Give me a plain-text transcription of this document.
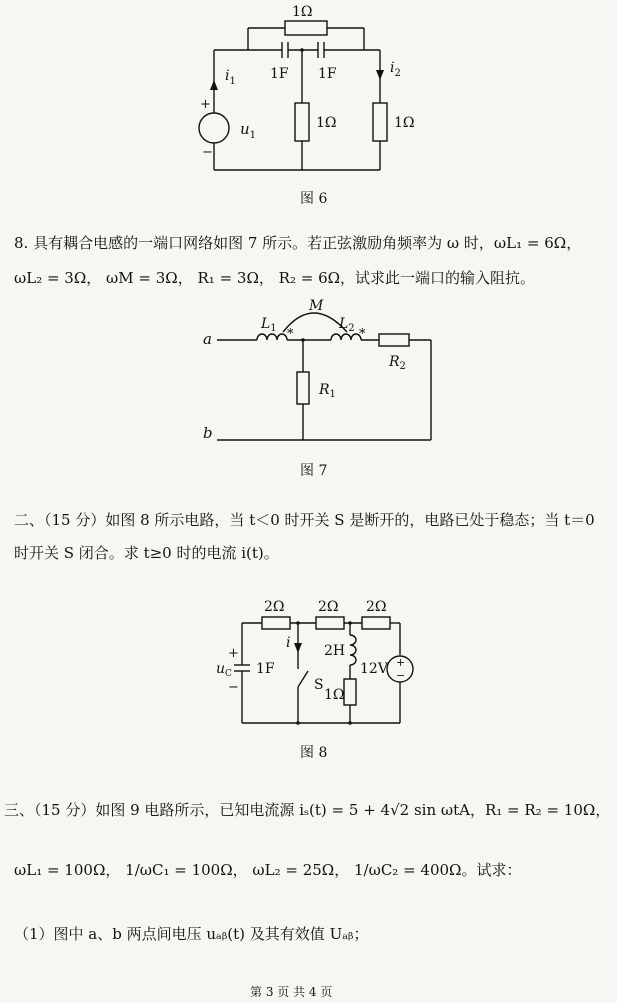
1Ω
1F 1F
$i_1$
$i_2$
+
−
$u_1$
1Ω	1Ω
图 6
8. 具有耦合电感的一端口网络如图 7 所示。若正弦激励角频率为 ω 时，ωL₁ = 6Ω，
ωL₂ = 3Ω， ωM = 3Ω， R₁ = 3Ω， R₂ = 6Ω，试求此一端口的输入阻抗。
a
b
$L_1$	$L_2$
M
*	*
$R_1$
$R_2$
图 7
二、（15 分）如图 8 所示电路，当 t＜0 时开关 S 是断开的，电路已处于稳态；当 t＝0
时开关 S 闭合。求 t≥0 时的电流 i(t)。
2Ω 2Ω 2Ω
i
+
−
$u_C$ 1F
S
2H
1Ω
12V +
−
图 8
三、（15 分）如图 9 电路所示，已知电流源 iₛ(t) = 5 + 4√2 sin ωtA，R₁ = R₂ = 10Ω，
ωL₁ = 100Ω， 1/ωC₁ = 100Ω， ωL₂ = 25Ω， 1/ωC₂ = 400Ω。试求：
（1）图中 a、b 两点间电压 uₐᵦ(t) 及其有效值 Uₐᵦ；
第 3 页 共 4 页
